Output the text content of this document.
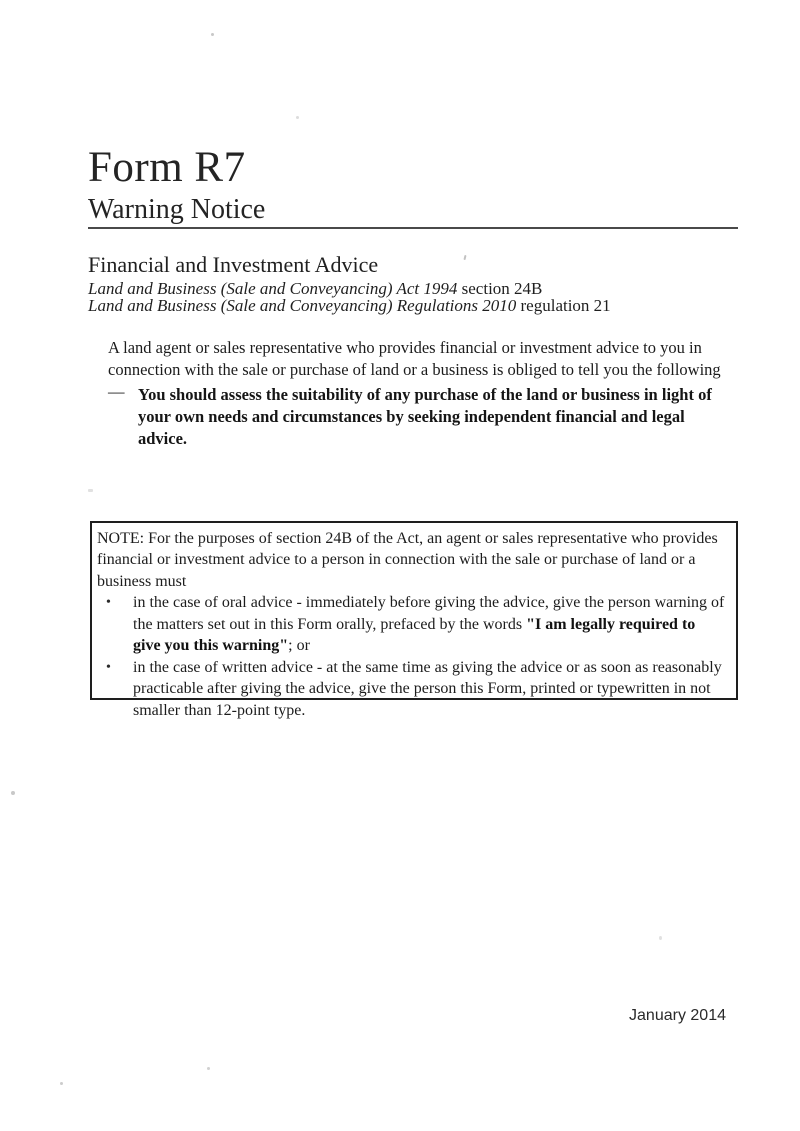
Form R7
Warning Notice
Financial and Investment Advice
Land and Business (Sale and Conveyancing) Act 1994 section 24B
Land and Business (Sale and Conveyancing) Regulations 2010 regulation 21

A land agent or sales representative who provides financial or investment advice to you in connection with the sale or purchase of land or a business is obliged to tell you the following — You should assess the suitability of any purchase of the land or business in light of your own needs and circumstances by seeking independent financial and legal advice.

NOTE: For the purposes of section 24B of the Act, an agent or sales representative who provides financial or investment advice to a person in connection with the sale or purchase of land or a business must
•	in the case of oral advice - immediately before giving the advice, give the person warning of the matters set out in this Form orally, prefaced by the words "I am legally required to give you this warning"; or
•	in the case of written advice - at the same time as giving the advice or as soon as reasonably practicable after giving the advice, give the person this Form, printed or typewritten in not smaller than 12-point type.
January 2014
